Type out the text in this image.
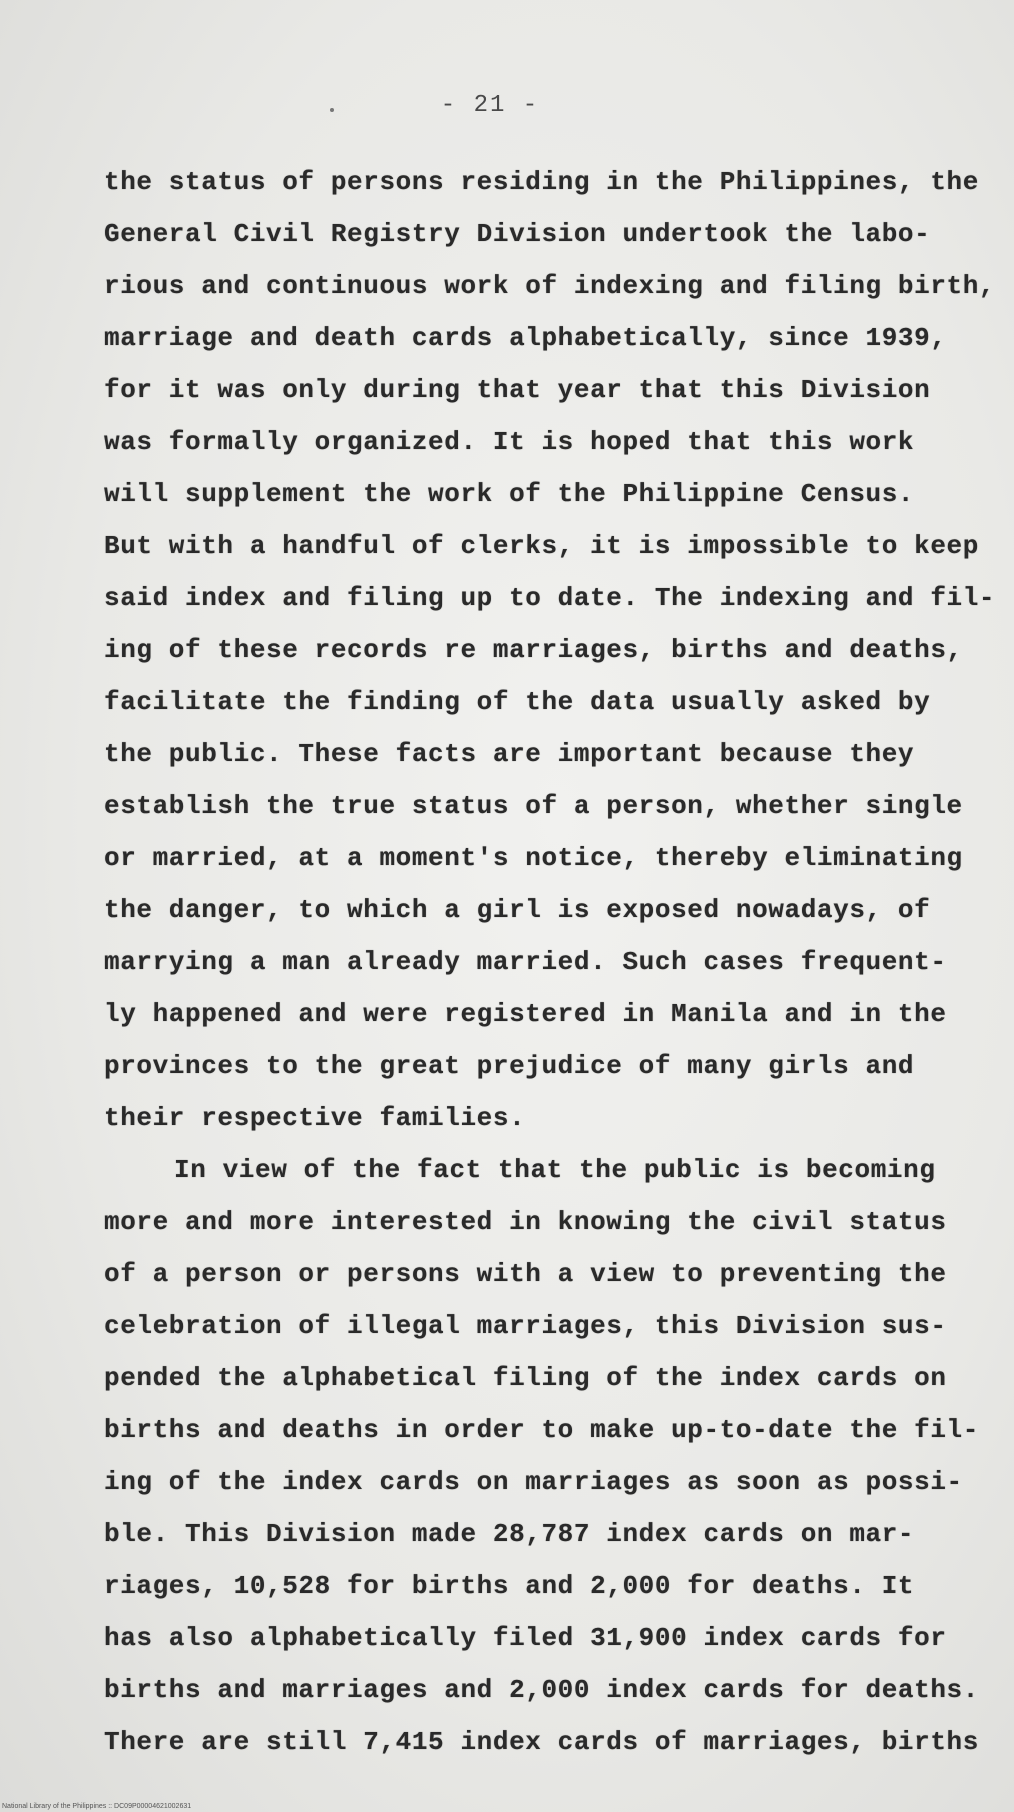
- 21 -
the status of persons residing in the Philippines, the
General Civil Registry Division undertook the labo-
rious and continuous work of indexing and filing birth,
marriage and death cards alphabetically, since 1939,
for it was only during that year that this Division
was formally organized. It is hoped that this work
will supplement the work of the Philippine Census.
But with a handful of clerks, it is impossible to keep
said index and filing up to date. The indexing and fil-
ing of these records re marriages, births and deaths,
facilitate the finding of the data usually asked by
the public. These facts are important because they
establish the true status of a person, whether single
or married, at a moment's notice, thereby eliminating
the danger, to which a girl is exposed nowadays, of
marrying a man already married. Such cases frequent-
ly happened and were registered in Manila and in the
provinces to the great prejudice of many girls and
their respective families.
In view of the fact that the public is becoming
more and more interested in knowing the civil status
of a person or persons with a view to preventing the
celebration of illegal marriages, this Division sus-
pended the alphabetical filing of the index cards on
births and deaths in order to make up-to-date the fil-
ing of the index cards on marriages as soon as possi-
ble. This Division made 28,787 index cards on mar-
riages, 10,528 for births and 2,000 for deaths. It
has also alphabetically filed 31,900 index cards for
births and marriages and 2,000 index cards for deaths.
There are still 7,415 index cards of marriages, births
National Library of the Philippines :: DC09P00004621002631
